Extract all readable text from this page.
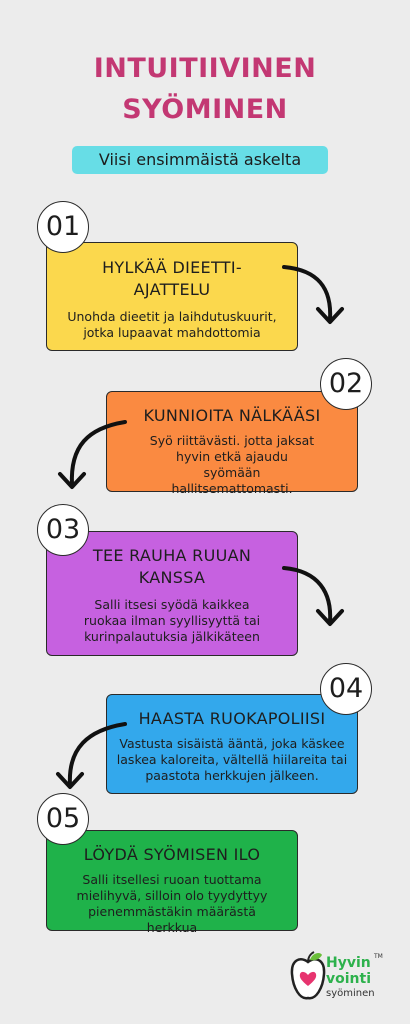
INTUITIIVINEN
SYÖMINEN
Viisi ensimmäistä askelta
HYLKÄÄ DIEETTI-AJATTELU
Unohda dieetit ja laihdutuskuurit, jotka lupaavat mahdottomia
KUNNIOITA NÄLKÄÄSI
Syö riittävästi. jotta jaksat hyvin etkä ajaudu syömään hallitsemattomasti.
TEE RAUHA RUUAN KANSSA
Salli itsesi syödä kaikkea ruokaa ilman syyllisyyttä tai kurinpalautuksia jälkikäteen
HAASTA RUOKAPOLIISI
Vastusta sisäistä ääntä, joka käskee laskea kaloreita, vältellä hiilareita tai paastota herkkujen jälkeen.
LÖYDÄ SYÖMISEN ILO
Salli itsellesi ruoan tuottama mielihyvä, silloin olo tyydyttyy pienemmästäkin määrästä herkkua
01
02
03
04
05
Hyvin TM
vointi
syöminen
